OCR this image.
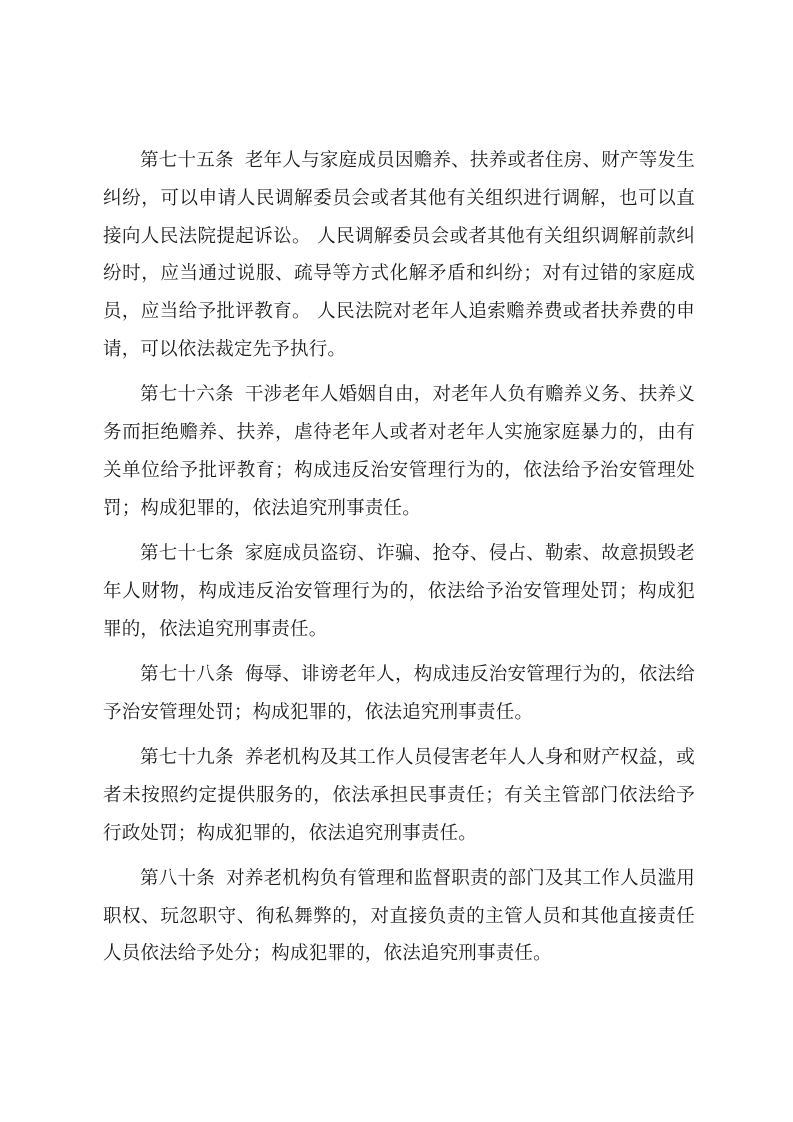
第七十五条 老年人与家庭成员因赡养、扶养或者住房、财产等发生纠纷，可以申请人民调解委员会或者其他有关组织进行调解，也可以直接向人民法院提起诉讼。 人民调解委员会或者其他有关组织调解前款纠纷时，应当通过说服、疏导等方式化解矛盾和纠纷；对有过错的家庭成员，应当给予批评教育。 人民法院对老年人追索赡养费或者扶养费的申请，可以依法裁定先予执行。

第七十六条 干涉老年人婚姻自由，对老年人负有赡养义务、扶养义务而拒绝赡养、扶养，虐待老年人或者对老年人实施家庭暴力的，由有关单位给予批评教育；构成违反治安管理行为的，依法给予治安管理处罚；构成犯罪的，依法追究刑事责任。

第七十七条 家庭成员盗窃、诈骗、抢夺、侵占、勒索、故意损毁老年人财物，构成违反治安管理行为的，依法给予治安管理处罚；构成犯罪的，依法追究刑事责任。

第七十八条 侮辱、诽谤老年人，构成违反治安管理行为的，依法给予治安管理处罚；构成犯罪的，依法追究刑事责任。

第七十九条 养老机构及其工作人员侵害老年人人身和财产权益，或者未按照约定提供服务的，依法承担民事责任；有关主管部门依法给予行政处罚；构成犯罪的，依法追究刑事责任。

第八十条 对养老机构负有管理和监督职责的部门及其工作人员滥用职权、玩忽职守、徇私舞弊的，对直接负责的主管人员和其他直接责任人员依法给予处分；构成犯罪的，依法追究刑事责任。
